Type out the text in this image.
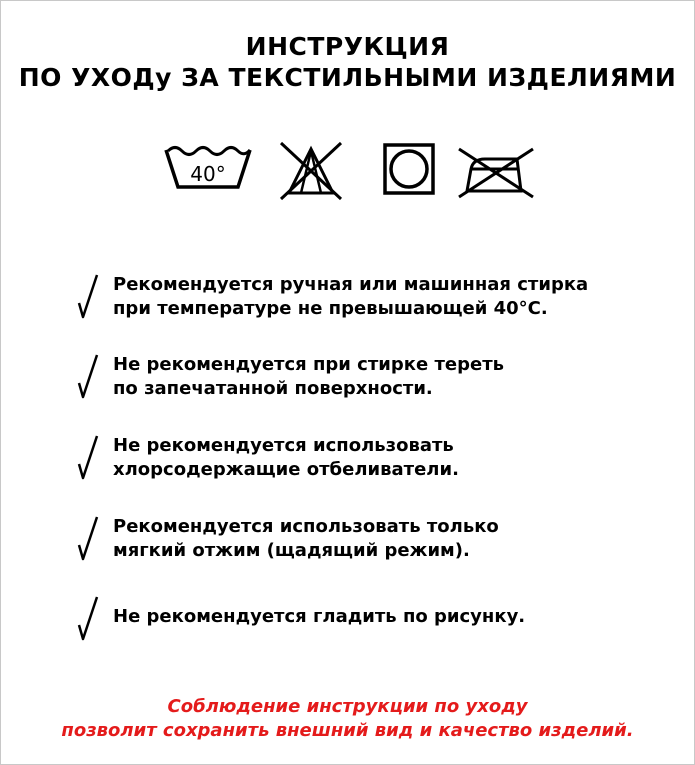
ИНСТРУКЦИЯ
ПО УХОДу ЗА ТЕКСТИЛЬНЫМИ ИЗДЕЛИЯМИ
40°
Рекомендуется ручная или машинная стирка
при температуре не превышающей 40°С.
Не рекомендуется при стирке тереть
по запечатанной поверхности.
Не рекомендуется использовать
хлорсодержащие отбеливатели.
Рекомендуется использовать только
мягкий отжим (щадящий режим).
Не рекомендуется гладить по рисунку.
Соблюдение инструкции по уходу
позволит сохранить внешний вид и качество изделий.
